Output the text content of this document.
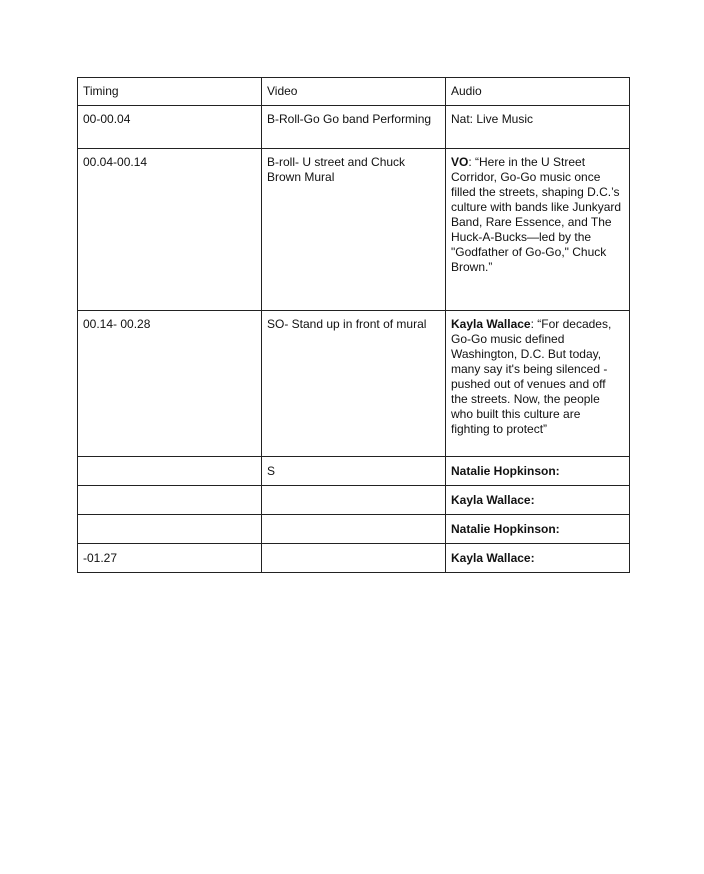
Timing	Video	Audio
00-00.04	B-Roll-Go Go band Performing	Nat: Live Music
00.04-00.14	B-roll- U street and Chuck Brown Mural	VO: “Here in the U Street Corridor, Go-Go music once filled the streets, shaping D.C.’s culture with bands like Junkyard Band, Rare Essence, and The Huck-A-Bucks—led by the "Godfather of Go-Go," Chuck Brown.”
00.14- 00.28	SO- Stand up in front of mural	Kayla Wallace: “For decades, Go-Go music defined Washington, D.C. But today, many say it's being silenced -pushed out of venues and off the streets. Now, the people who built this culture are
fighting to protect”

	S	Natalie Hopkinson:
		Kayla Wallace:
		Natalie Hopkinson:
-01.27		Kayla Wallace:
